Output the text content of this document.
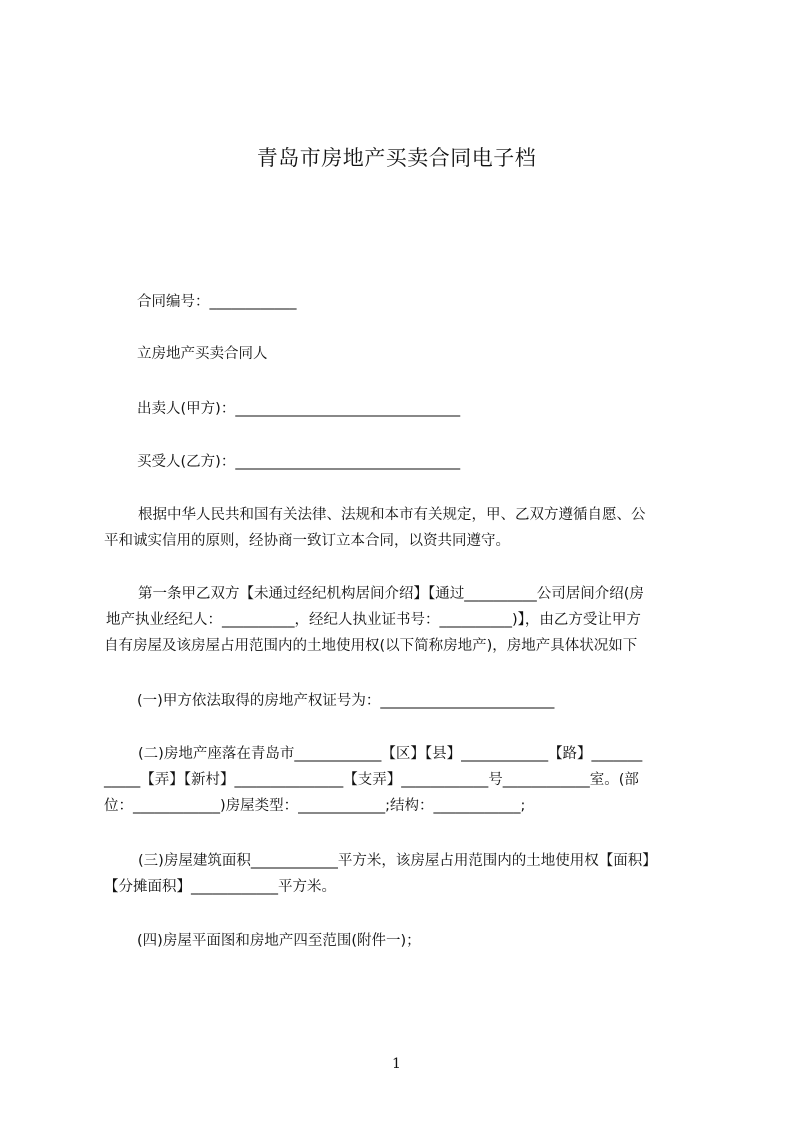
青岛市房地产买卖合同电子档
合同编号：____________
立房地产买卖合同人
出卖人(甲方)：_______________________________
买受人(乙方)：_______________________________

根据中华人民共和国有关法律、法规和本市有关规定，甲、乙双方遵循自愿、公

平和诚实信用的原则，经协商一致订立本合同，以资共同遵守。

第一条甲乙双方【未通过经纪机构居间介绍】【通过__________公司居间介绍(房

地产执业经纪人：__________，经纪人执业证书号：__________)】，由乙方受让甲方

自有房屋及该房屋占用范围内的土地使用权(以下简称房地产)，房地产具体状况如下

(一)甲方依法取得的房地产权证号为：________________________

(二)房地产座落在青岛市____________【区】【县】____________【路】_______

_____【弄】【新村】_______________【支弄】____________号____________室。(部

位：____________)房屋类型：____________;结构：____________;

(三)房屋建筑面积____________平方米，该房屋占用范围内的土地使用权【面积】

【分摊面积】____________平方米。

(四)房屋平面图和房地产四至范围(附件一)；
1
